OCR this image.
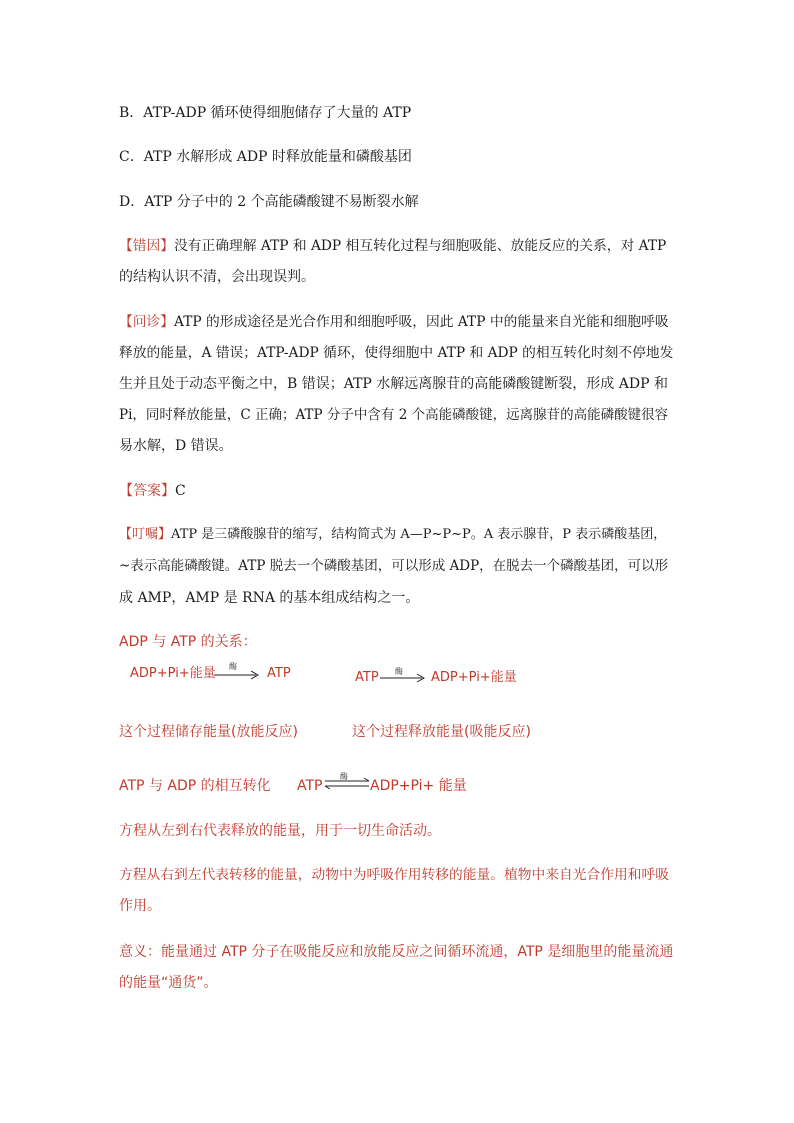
B．ATP-ADP 循环使得细胞储存了大量的 ATP
C．ATP 水解形成 ADP 时释放能量和磷酸基团
D．ATP 分子中的 2 个高能磷酸键不易断裂水解
【错因】没有正确理解 ATP 和 ADP 相互转化过程与细胞吸能、放能反应的关系，对 ATP
的结构认识不清，会出现误判。
【问诊】ATP 的形成途径是光合作用和细胞呼吸，因此 ATP 中的能量来自光能和细胞呼吸
释放的能量，A 错误；ATP-ADP 循环，使得细胞中 ATP 和 ADP 的相互转化时刻不停地发
生并且处于动态平衡之中，B 错误；ATP 水解远离腺苷的高能磷酸键断裂，形成 ADP 和
Pi，同时释放能量，C 正确；ATP 分子中含有 2 个高能磷酸键，远离腺苷的高能磷酸键很容
易水解，D 错误。
【答案】C
【叮嘱】ATP 是三磷酸腺苷的缩写，结构简式为 A—P~P~P。A 表示腺苷，P 表示磷酸基团，
~表示高能磷酸键。ATP 脱去一个磷酸基团，可以形成 ADP，在脱去一个磷酸基团，可以形
成 AMP，AMP 是 RNA 的基本组成结构之一。
ADP 与 ATP 的关系：
ADP+Pi+能量 酶 ATP	ATP 酶 ADP+Pi+能量
这个过程储存能量(放能反应)	这个过程释放能量(吸能反应)
ATP 与 ADP 的相互转化 ATP
酶
ADP+Pi+ 能量
方程从左到右代表释放的能量，用于一切生命活动。
方程从右到左代表转移的能量，动物中为呼吸作用转移的能量。植物中来自光合作用和呼吸
作用。
意义：能量通过 ATP 分子在吸能反应和放能反应之间循环流通，ATP 是细胞里的能量流通
的能量“通货”。
